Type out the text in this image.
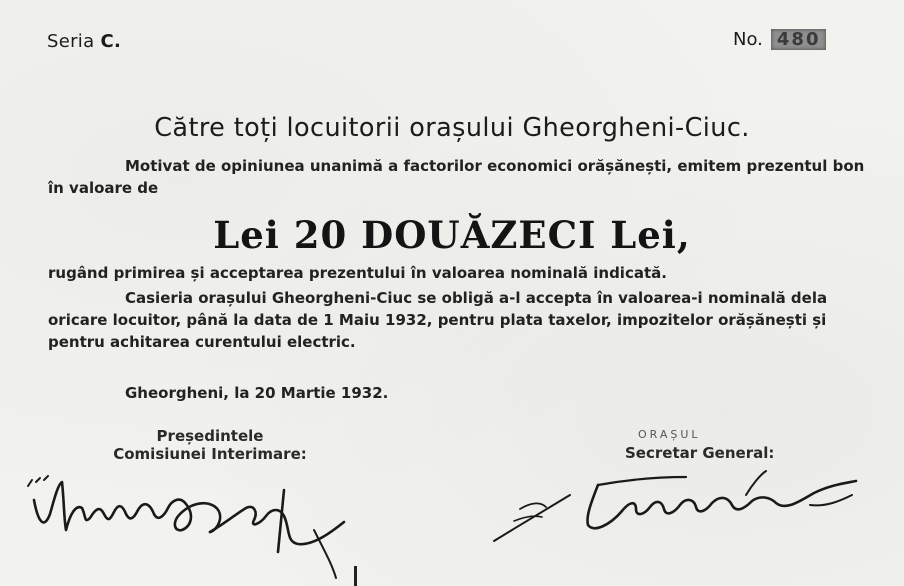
Seria C.	No. 480
Către toți locuitorii orașului Gheorgheni-Ciuc.
Motivat de opiniunea unanimă a factorilor economici orășănești, emitem prezentul bon în valoare de
Lei 20 DOUĂZECI Lei,
rugând primirea și acceptarea prezentului în valoarea nominală indicată.
Casieria orașului Gheorgheni-Ciuc se obligă a-l accepta în valoarea-i nominală dela oricare locuitor, până la data de 1 Maiu 1932, pentru plata taxelor, impozitelor orășănești și pentru achitarea curentului electric.
Gheorgheni, la 20 Martie 1932.
Președintele
Comisiunei Interimare:
ORAȘUL
Secretar General:
